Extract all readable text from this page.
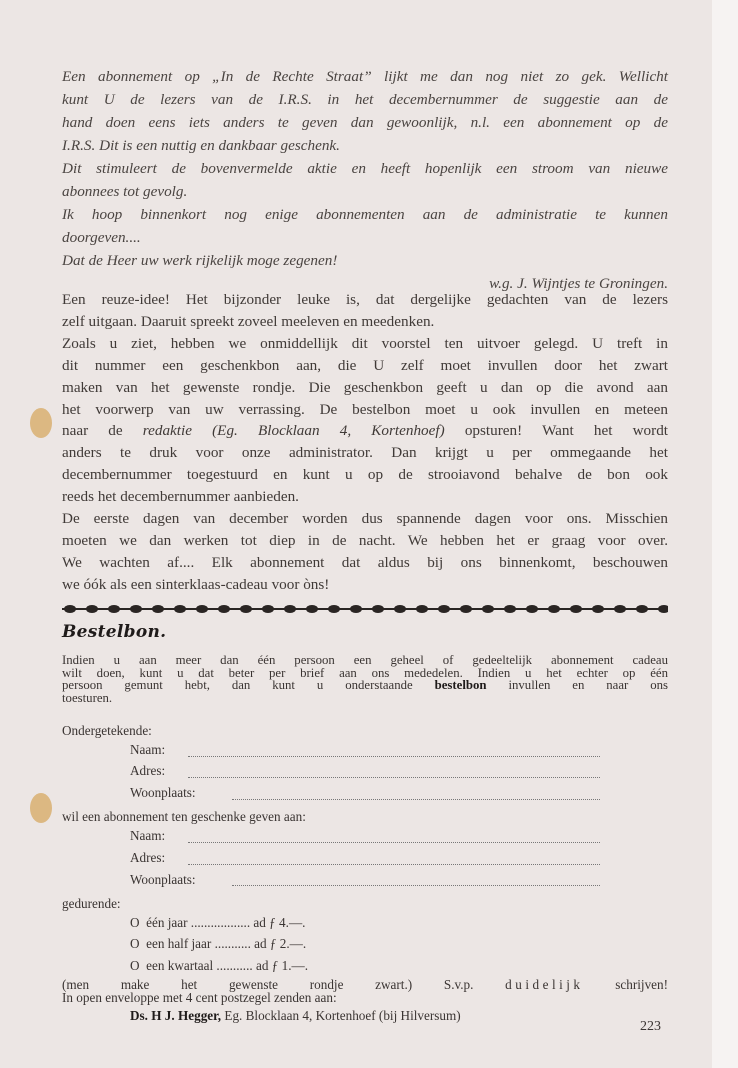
Een abonnement op „In de Rechte Straat” lijkt me dan nog niet zo gek. Wellicht
kunt U de lezers van de I.R.S. in het decembernummer de suggestie aan de
hand doen eens iets anders te geven dan gewoonlijk, n.l. een abonnement op de
I.R.S. Dit is een nuttig en dankbaar geschenk.
Dit stimuleert de bovenvermelde aktie en heeft hopenlijk een stroom van nieuwe
abonnees tot gevolg.
Ik hoop binnenkort nog enige abonnementen aan de administratie te kunnen
doorgeven....
Dat de Heer uw werk rijkelijk moge zegenen!
w.g. J. Wijntjes te Groningen.
Een reuze-idee! Het bijzonder leuke is, dat dergelijke gedachten van de lezers
zelf uitgaan. Daaruit spreekt zoveel meeleven en meedenken.
Zoals u ziet, hebben we onmiddellijk dit voorstel ten uitvoer gelegd. U treft in
dit nummer een geschenkbon aan, die U zelf moet invullen door het zwart
maken van het gewenste rondje. Die geschenkbon geeft u dan op die avond aan
het voorwerp van uw verrassing. De bestelbon moet u ook invullen en meteen
naar de redaktie (Eg. Blocklaan 4, Kortenhoef) opsturen! Want het wordt
anders te druk voor onze administrator. Dan krijgt u per ommegaande het
decembernummer toegestuurd en kunt u op de strooiavond behalve de bon ook
reeds het decembernummer aanbieden.
De eerste dagen van december worden dus spannende dagen voor ons. Misschien
moeten we dan werken tot diep in de nacht. We hebben het er graag voor over.
We wachten af.... Elk abonnement dat aldus bij ons binnenkomt, beschouwen
we óók als een sinterklaas-cadeau voor òns!
Bestelbon.
Indien u aan meer dan één persoon een geheel of gedeeltelijk abonnement cadeau
wilt doen, kunt u dat beter per brief aan ons mededelen. Indien u het echter op één
persoon gemunt hebt, dan kunt u onderstaande bestelbon invullen en naar ons
toesturen.
Ondergetekende:
Naam:
Adres:
Woonplaats:
wil een abonnement ten geschenke geven aan:
Naam:
Adres:
Woonplaats:
gedurende:
O één jaar .................. ad ƒ 4.—.
O een half jaar ........... ad ƒ 2.—.
O een kwartaal ........... ad ƒ 1.—.
(men make het gewenste rondje zwart.) S.v.p. duidelijk schrijven!
In open enveloppe met 4 cent postzegel zenden aan:
Ds. H J. Hegger, Eg. Blocklaan 4, Kortenhoef (bij Hilversum)
223
